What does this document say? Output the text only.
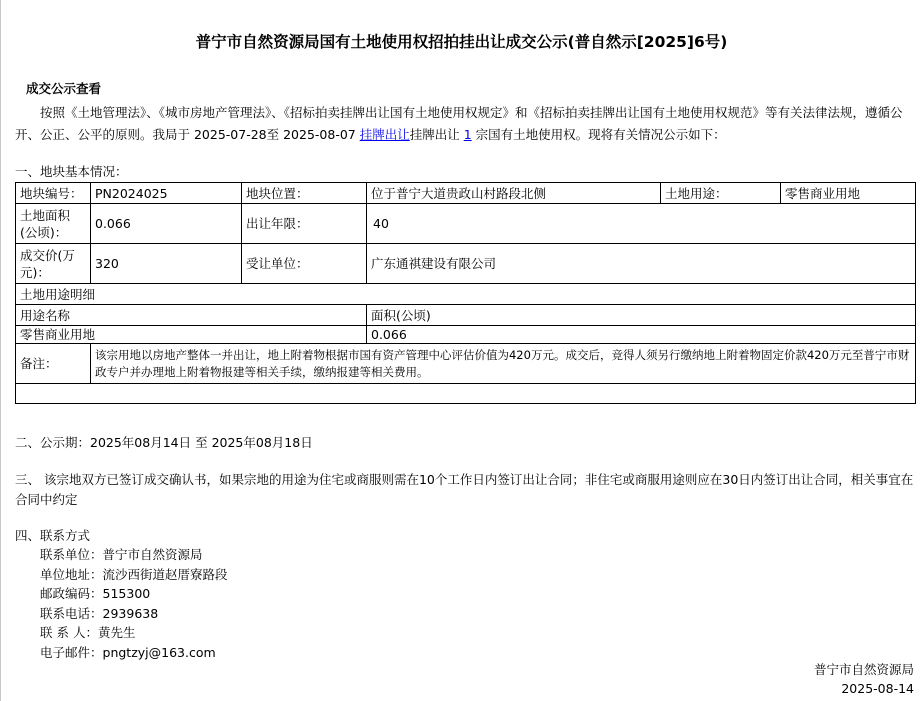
普宁市自然资源局国有土地使用权招拍挂出让成交公示(普自然示[2025]6号)
成交公示查看
按照《土地管理法》、《城市房地产管理法》、《招标拍卖挂牌出让国有土地使用权规定》和《招标拍卖挂牌出让国有土地使用权规范》等有关法律法规，遵循公开、公正、公平的原则。我局于 2025-07-28至 2025-08-07 挂牌出让挂牌出让 1 宗国有土地使用权。现将有关情况公示如下：
一、地块基本情况：
地块编号：	PN2024025	地块位置：	位于普宁大道贵政山村路段北侧	土地用途：	零售商业用地
土地面积(公顷)：	0.066	出让年限：	40		
成交价(万元)：	320	受让单位：	广东通祺建设有限公司		
土地用途明细					
用途名称			面积(公顷)		
零售商业用地			0.066		
备注：	该宗用地以房地产整体一并出让，地上附着物根据市国有资产管理中心评估价值为420万元。成交后，竞得人须另行缴纳地上附着物固定价款420万元至普宁市财政专户并办理地上附着物报建等相关手续，缴纳报建等相关费用。				

二、公示期：2025年08月14日 至 2025年08月18日
三、 该宗地双方已签订成交确认书，如果宗地的用途为住宅或商服则需在10个工作日内签订出让合同；非住宅或商服用途则应在30日内签订出让合同，相关事宜在合同中约定
四、联系方式
联系单位：普宁市自然资源局
单位地址：流沙西街道赵厝寮路段
邮政编码：515300
联系电话：2939638
联 系 人：黄先生
电子邮件：pngtzyj@163.com
普宁市自然资源局
2025-08-14
